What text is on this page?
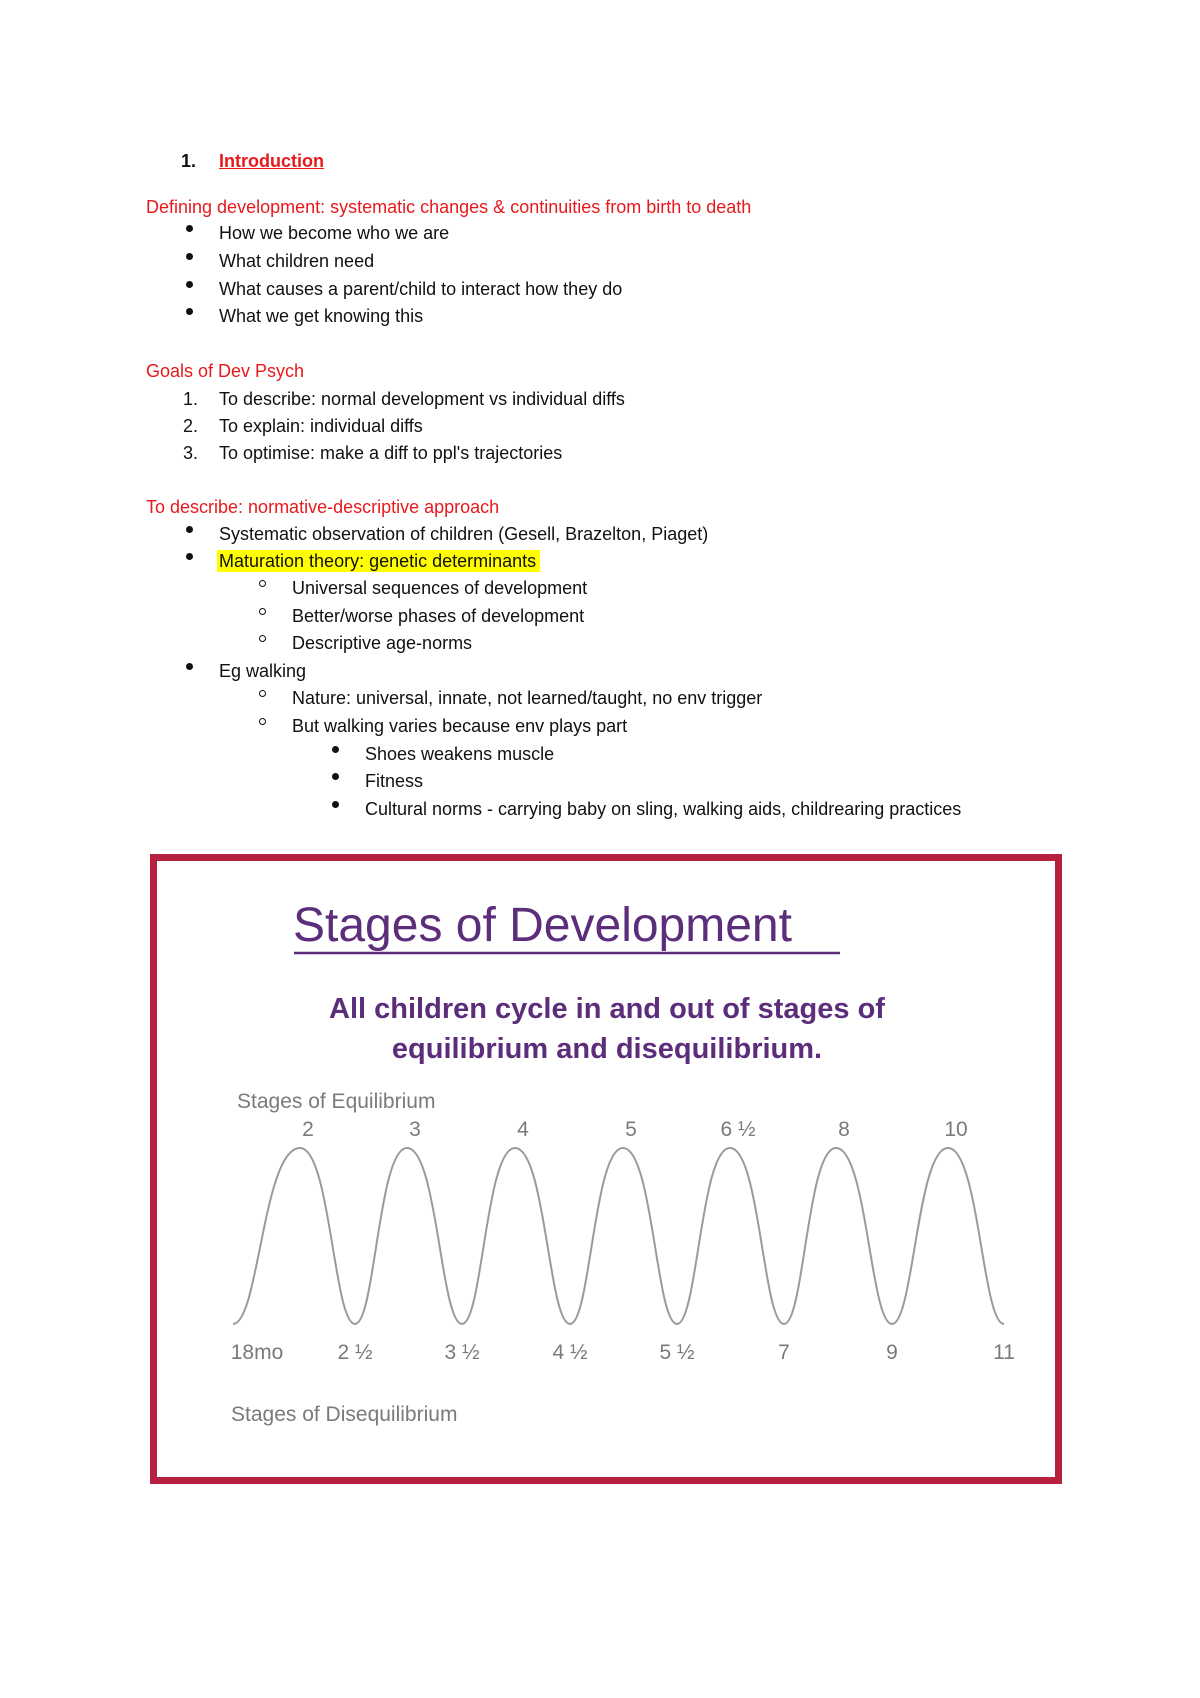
1. Introduction
Defining development: systematic changes & continuities from birth to death
How we become who we are
What children need
What causes a parent/child to interact how they do
What we get knowing this
Goals of Dev Psych
1. To describe: normal development vs individual diffs
2. To explain: individual diffs
3. To optimise: make a diff to ppl's trajectories
To describe: normative-descriptive approach
Systematic observation of children (Gesell, Brazelton, Piaget)
Maturation theory: genetic determinants
Universal sequences of development
Better/worse phases of development
Descriptive age-norms
Eg walking
Nature: universal, innate, not learned/taught, no env trigger
But walking varies because env plays part
Shoes weakens muscle
Fitness
Cultural norms - carrying baby on sling, walking aids, childrearing practices
Stages of Development
All children cycle in and out of stages of
equilibrium and disequilibrium.
Stages of Equilibrium
2	3	4	5	6 ½	8	10
18mo	2 ½	3 ½	4 ½	5 ½	7	9	11
Stages of Disequilibrium
